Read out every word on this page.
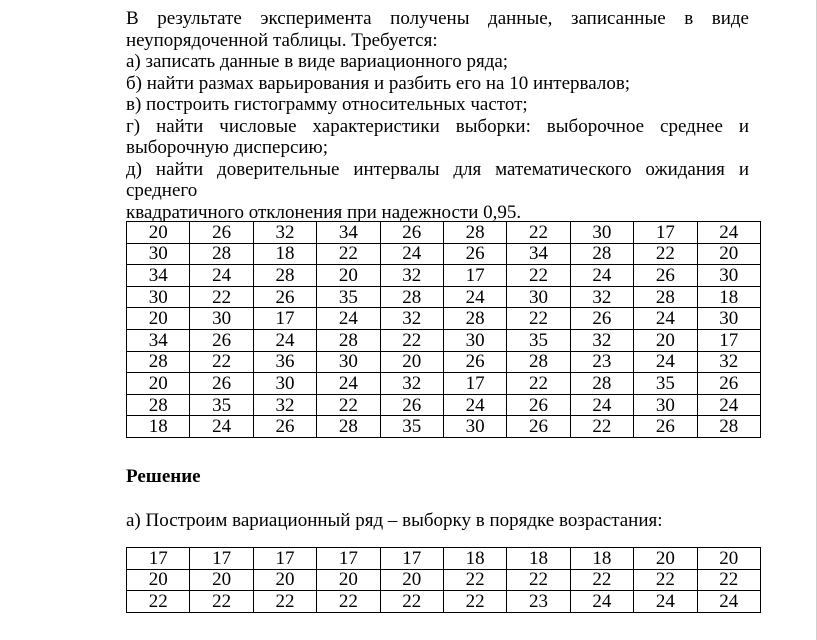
В результате эксперимента получены данные, записанные в виде

неупорядоченной таблицы. Требуется:

а) записать данные в виде вариационного ряда;

б) найти размах варьирования и разбить его на 10 интервалов;

в) построить гистограмму относительных частот;

г) найти числовые характеристики выборки: выборочное среднее и

выборочную дисперсию;

д) найти доверительные интервалы для математического ожидания и среднего

квадратичного отклонения при надежности 0,95.

20	26	32	34	26	28	22	30	17	24
30	28	18	22	24	26	34	28	22	20
34	24	28	20	32	17	22	24	26	30
30	22	26	35	28	24	30	32	28	18
20	30	17	24	32	28	22	26	24	30
34	26	24	28	22	30	35	32	20	17
28	22	36	30	20	26	28	23	24	32
20	26	30	24	32	17	22	28	35	26
28	35	32	22	26	24	26	24	30	24
18	24	26	28	35	30	26	22	26	28
Решение
а) Построим вариационный ряд – выборку в порядке возрастания:
17	17	17	17	17	18	18	18	20	20
20	20	20	20	20	22	22	22	22	22
22	22	22	22	22	22	23	24	24	24
